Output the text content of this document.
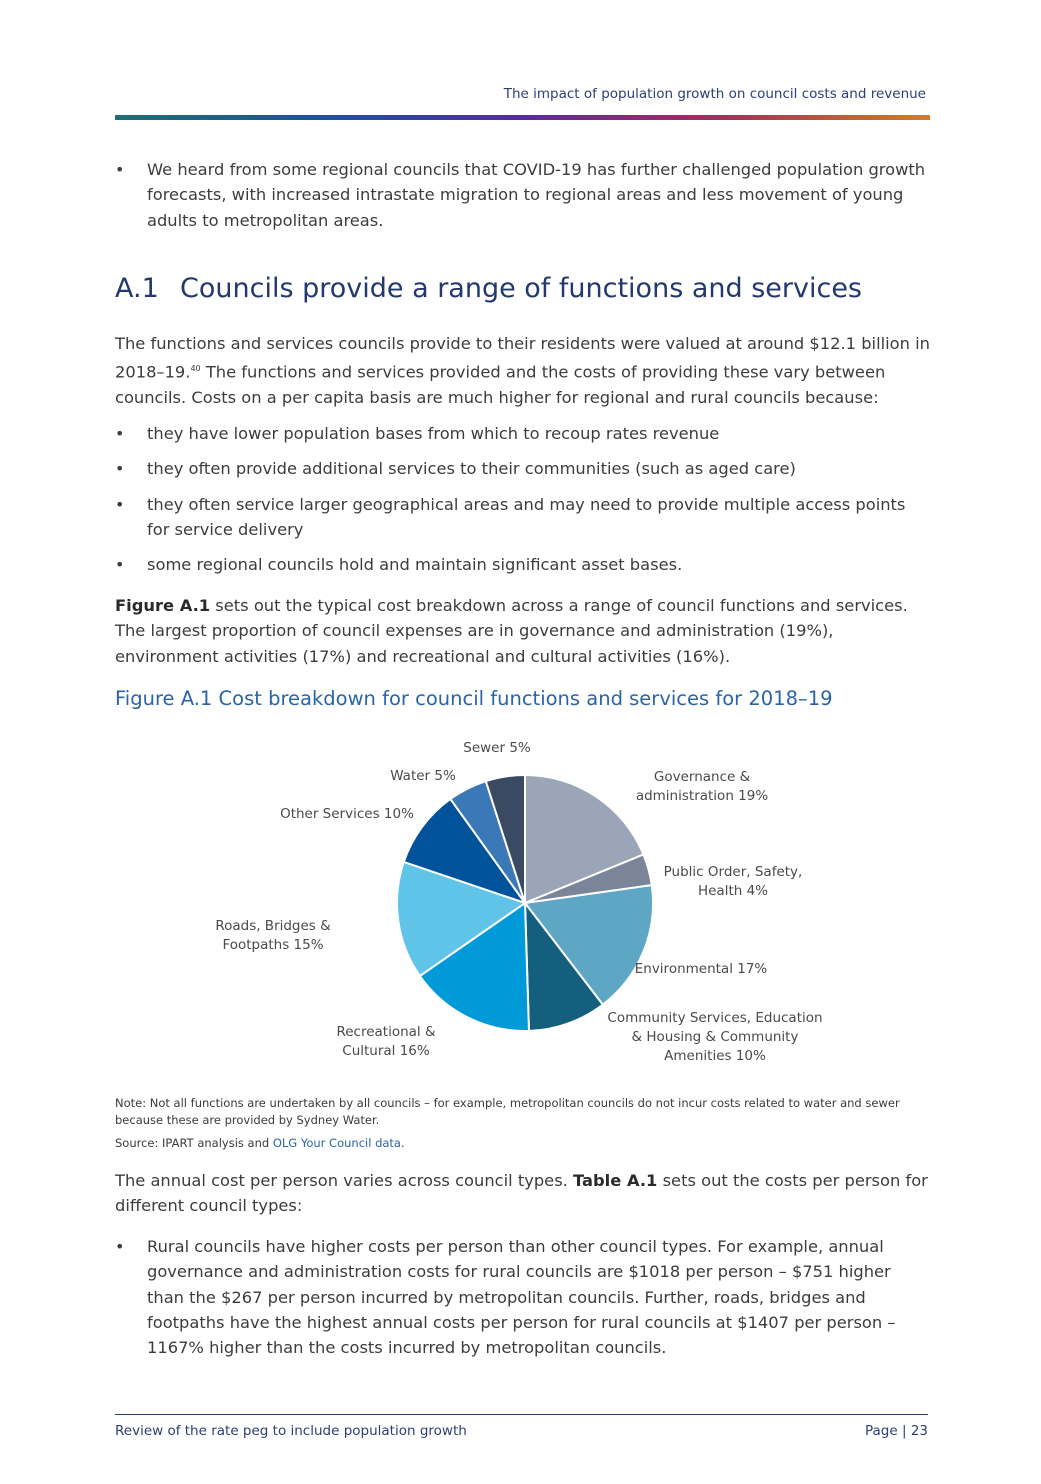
The impact of population growth on council costs and revenue
• We heard from some regional councils that COVID-19 has further challenged population growth forecasts, with increased intrastate migration to regional areas and less movement of young adults to metropolitan areas.
A.1 Councils provide a range of functions and services

The functions and services councils provide to their residents were valued at around $12.1 billion in 2018–19.40 The functions and services provided and the costs of providing these vary between councils. Costs on a per capita basis are much higher for regional and rural councils because:

• they have lower population bases from which to recoup rates revenue
• they often provide additional services to their communities (such as aged care)
• they often service larger geographical areas and may need to provide multiple access points for service delivery
• some regional councils hold and maintain significant asset bases.

Figure A.1 sets out the typical cost breakdown across a range of council functions and services. The largest proportion of council expenses are in governance and administration (19%), environment activities (17%) and recreational and cultural activities (16%).

Figure A.1 Cost breakdown for council functions and services for 2018–19
Governance & administration 19%
Public Order, Safety, Health 4%
Environmental 17%
Community Services, Education & Housing & Community Amenities 10%
Recreational & Cultural 16%
Roads, Bridges & Footpaths 15%
Other Services 10%
Water 5%
Sewer 5%

Note: Not all functions are undertaken by all councils – for example, metropolitan councils do not incur costs related to water and sewer because these are provided by Sydney Water.

Source: IPART analysis and OLG Your Council data.

The annual cost per person varies across council types. Table A.1 sets out the costs per person for different council types:

• Rural councils have higher costs per person than other council types. For example, annual governance and administration costs for rural councils are $1018 per person – $751 higher than the $267 per person incurred by metropolitan councils. Further, roads, bridges and footpaths have the highest annual costs per person for rural councils at $1407 per person – 1167% higher than the costs incurred by metropolitan councils.
Review of the rate peg to include population growth	Page | 23
